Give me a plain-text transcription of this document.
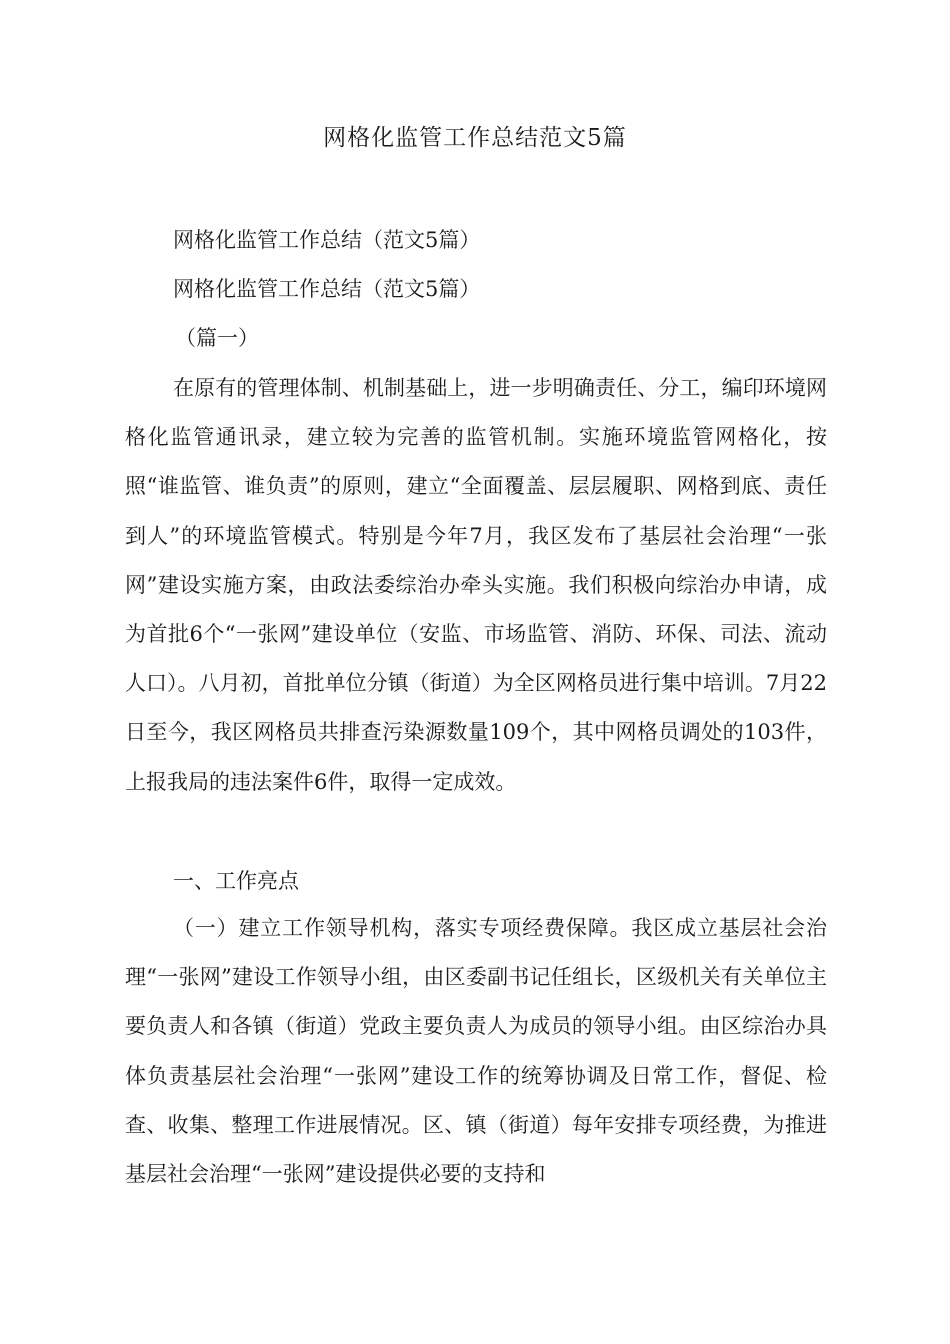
网格化监管工作总结范文5篇
网格化监管工作总结（范文5篇）
网格化监管工作总结（范文5篇）
（篇一）
在原有的管理体制、机制基础上，进一步明确责任、分工，编印环境网格化监管通讯录，建立较为完善的监管机制。实施环境监管网格化，按照“谁监管、谁负责”的原则，建立“全面覆盖、层层履职、网格到底、责任到人”的环境监管模式。特别是今年7月，我区发布了基层社会治理“一张网”建设实施方案，由政法委综治办牵头实施。我们积极向综治办申请，成为首批6个“一张网”建设单位（安监、市场监管、消防、环保、司法、流动人口）。八月初，首批单位分镇（街道）为全区网格员进行集中培训。7月22日至今，我区网格员共排查污染源数量109个，其中网格员调处的103件，上报我局的违法案件6件，取得一定成效。
一、工作亮点
（一）建立工作领导机构，落实专项经费保障。我区成立基层社会治理“一张网”建设工作领导小组，由区委副书记任组长，区级机关有关单位主要负责人和各镇（街道）党政主要负责人为成员的领导小组。由区综治办具体负责基层社会治理“一张网”建设工作的统筹协调及日常工作，督促、检查、收集、整理工作进展情况。区、镇（街道）每年安排专项经费，为推进基层社会治理“一张网”建设提供必要的支持和
